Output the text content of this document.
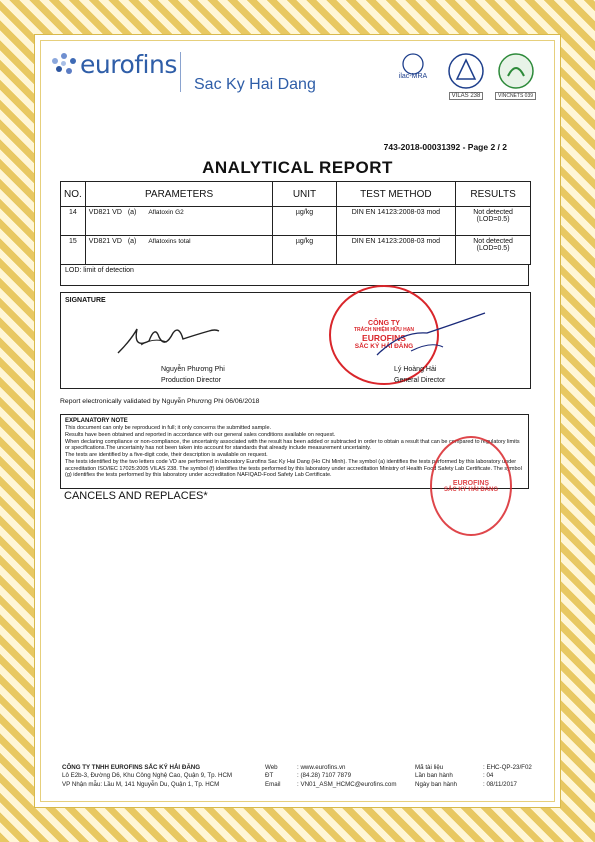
eurofins
Sac Ky Hai Dang	ilac-MRA
VILAS 238	VINCNETS 039
743-2018-00031392 - Page 2 / 2
ANALYTICAL REPORT
NO.	PARAMETERS	UNIT	TEST METHOD	RESULTS
14	VD821 VD (a) Aflatoxin G2	µg/kg	DIN EN 14123:2008-03 mod	Not detected
(LOD=0.5)

15	VD821 VD (a) Aflatoxins total	µg/kg	DIN EN 14123:2008-03 mod	Not detected
(LOD=0.5)
LOD: limit of detection
SIGNATURE
Nguyễn Phương Phi
Production Director
CÔNG TY
TRÁCH NHIỆM HỮU HẠN
EUROFINS
SẮC KÝ HẢI ĐĂNG
Lý Hoàng Hải
General Director
Report electronically validated by Nguyễn Phương Phi 06/06/2018
EXPLANATORY NOTE
This document can only be reproduced in full; it only concerns the submitted sample.
Results have been obtained and reported in accordance with our general sales conditions available on request.
When declaring compliance or non-compliance, the uncertainty associated with the result has been added or subtracted in order to obtain a result that can be compared to regulatory limits or specifications.The uncertainty has not been taken into account for standards that already include measurement uncertainty.
The tests are identified by a five-digit code, their description is available on request.
The tests identified by the two letters code VD are performed in laboratory Eurofins Sac Ky Hai Dang (Ho Chi Minh). The symbol (a) identifies the tests performed by this laboratory under accreditation ISO/IEC 17025:2005 VILAS 238. The symbol (f) identifies the tests performed by this laboratory under accreditation Ministry of Health Food Safety Lab Certificate. The symbol (g) identifies the tests performed by this laboratory under accreditation NAFIQAD-Food Safety Lab Certificate.
EUROFINS
SẮC KÝ HẢI ĐĂNG
CANCELS AND REPLACES*
CÔNG TY TNHH EUROFINS SẮC KÝ HẢI ĐĂNG
Lô E2b-3, Đường D6, Khu Công Nghệ Cao, Quận 9, Tp. HCM
VP Nhận mẫu: Lầu M, 141 Nguyễn Du, Quận 1, Tp. HCM
Web	: www.eurofins.vn
ĐT	: (84.28) 7107 7879
Email	: VN01_ASM_HCMC@eurofins.com
Mã tài liệu	: EHC-QP-23/F02
Lần ban hành	: 04
Ngày ban hành	: 08/11/2017
